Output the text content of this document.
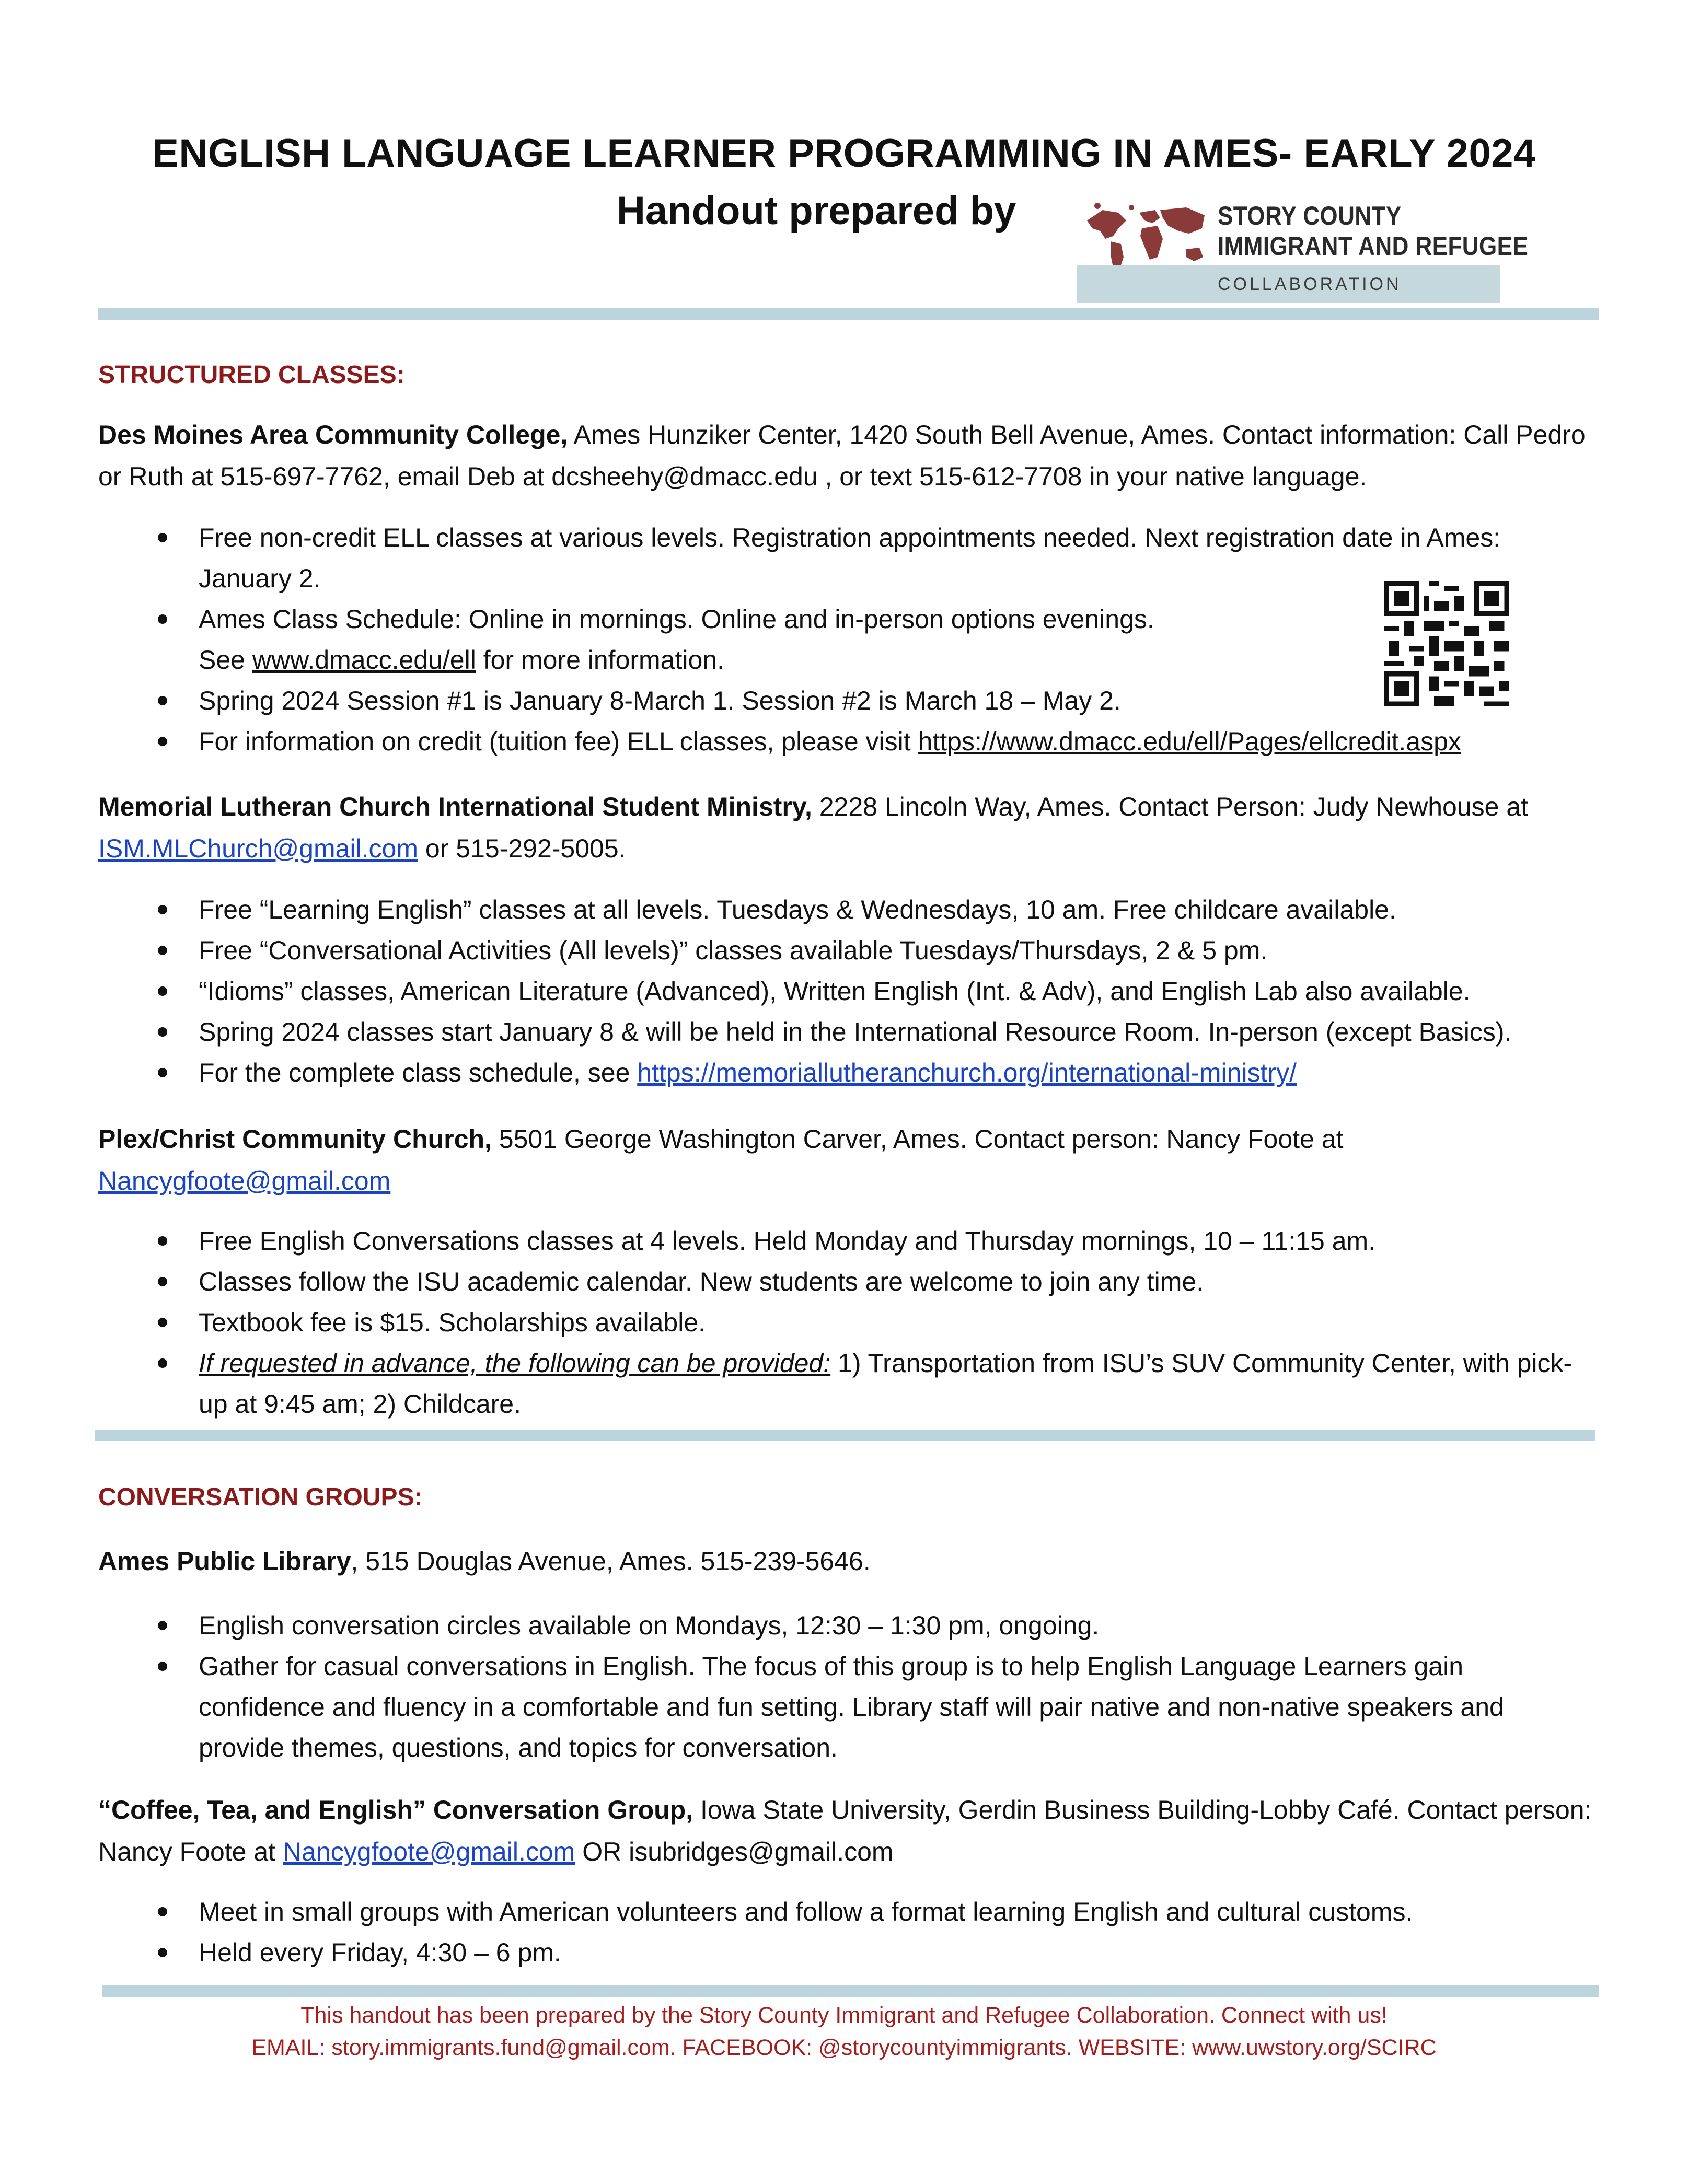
ENGLISH LANGUAGE LEARNER PROGRAMMING IN AMES- EARLY 2024
Handout prepared by	STORY COUNTY
IMMIGRANT AND REFUGEE
COLLABORATION
STRUCTURED CLASSES:
Des Moines Area Community College, Ames Hunziker Center, 1420 South Bell Avenue, Ames. Contact information: Call Pedro or Ruth at 515-697-7762, email Deb at dcsheehy@dmacc.edu , or text 515-612-7708 in your native language.
Free non-credit ELL classes at various levels. Registration appointments needed. Next registration date in Ames: January 2.
Ames Class Schedule: Online in mornings. Online and in-person options evenings.
See www.dmacc.edu/ell for more information.
Spring 2024 Session #1 is January 8-March 1. Session #2 is March 18 – May 2.
For information on credit (tuition fee) ELL classes, please visit https://www.dmacc.edu/ell/Pages/ellcredit.aspx
Memorial Lutheran Church International Student Ministry, 2228 Lincoln Way, Ames. Contact Person: Judy Newhouse at ISM.MLChurch@gmail.com or 515-292-5005.
Free “Learning English” classes at all levels. Tuesdays & Wednesdays, 10 am. Free childcare available.
Free “Conversational Activities (All levels)” classes available Tuesdays/Thursdays, 2 & 5 pm.
“Idioms” classes, American Literature (Advanced), Written English (Int. & Adv), and English Lab also available.
Spring 2024 classes start January 8 & will be held in the International Resource Room. In-person (except Basics).
For the complete class schedule, see https://memoriallutheranchurch.org/international-ministry/
Plex/Christ Community Church, 5501 George Washington Carver, Ames. Contact person: Nancy Foote at
Nancygfoote@gmail.com
Free English Conversations classes at 4 levels. Held Monday and Thursday mornings, 10 – 11:15 am.
Classes follow the ISU academic calendar. New students are welcome to join any time.
Textbook fee is $15. Scholarships available.
If requested in advance, the following can be provided: 1) Transportation from ISU’s SUV Community Center, with pick-up at 9:45 am; 2) Childcare.
CONVERSATION GROUPS:
Ames Public Library, 515 Douglas Avenue, Ames. 515-239-5646.
English conversation circles available on Mondays, 12:30 – 1:30 pm, ongoing.
Gather for casual conversations in English. The focus of this group is to help English Language Learners gain confidence and fluency in a comfortable and fun setting. Library staff will pair native and non-native speakers and provide themes, questions, and topics for conversation.
“Coffee, Tea, and English” Conversation Group, Iowa State University, Gerdin Business Building-Lobby Café. Contact person: Nancy Foote at Nancygfoote@gmail.com OR isubridges@gmail.com
Meet in small groups with American volunteers and follow a format learning English and cultural customs.
Held every Friday, 4:30 – 6 pm.
This handout has been prepared by the Story County Immigrant and Refugee Collaboration. Connect with us!
EMAIL: story.immigrants.fund@gmail.com. FACEBOOK: @storycountyimmigrants. WEBSITE: www.uwstory.org/SCIRC
